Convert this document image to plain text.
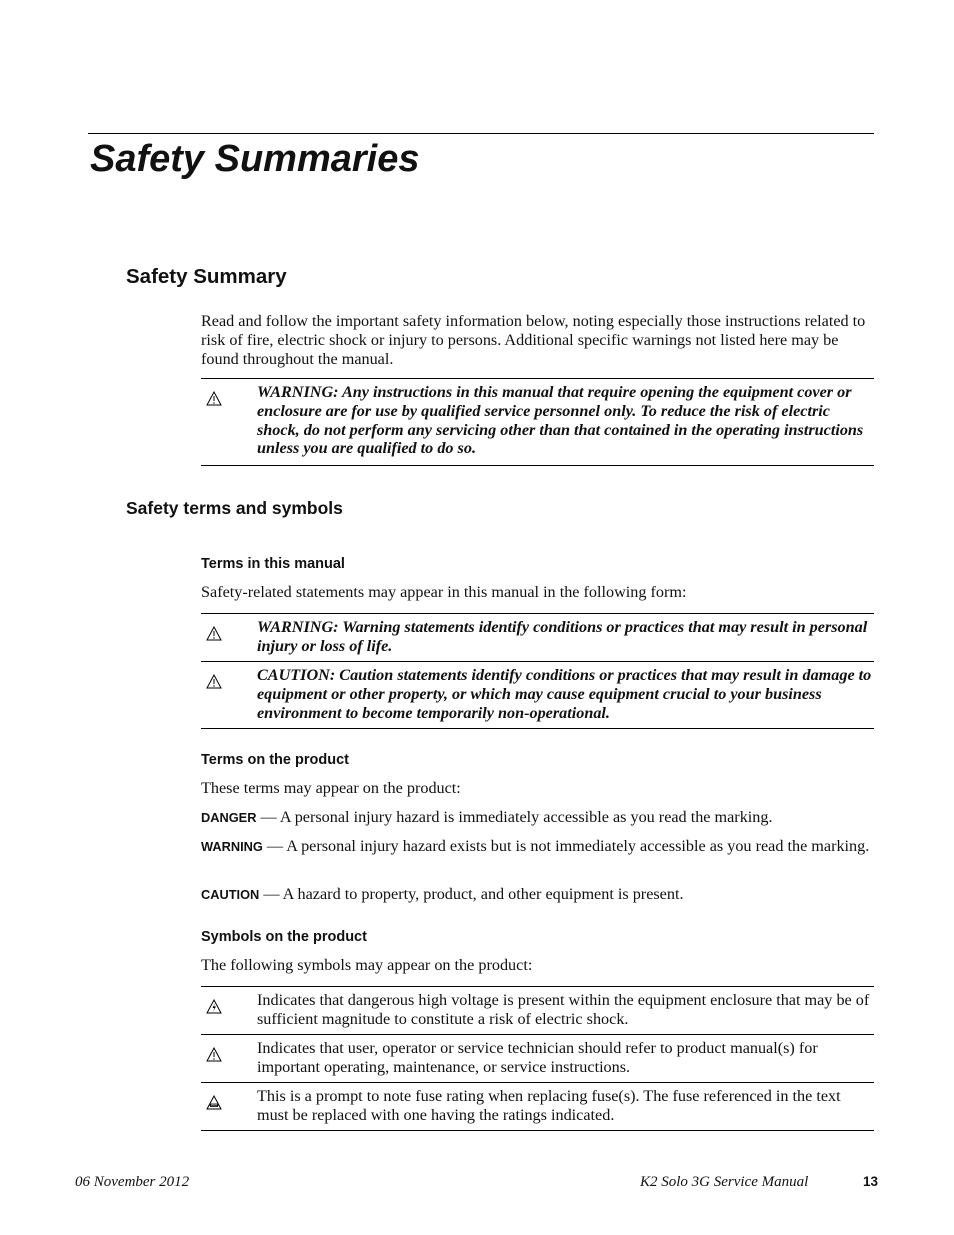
Safety Summaries
Safety Summary

Read and follow the important safety information below, noting especially those instructions related to risk of fire, electric shock or injury to persons. Additional specific warnings not listed here may be found throughout the manual.

WARNING: Any instructions in this manual that require opening the equipment cover or enclosure are for use by qualified service personnel only. To reduce the risk of electric shock, do not perform any servicing other than that contained in the operating instructions unless you are qualified to do so.
Safety terms and symbols
Terms in this manual

Safety-related statements may appear in this manual in the following form:

WARNING: Warning statements identify conditions or practices that may result in personal injury or loss of life.
CAUTION: Caution statements identify conditions or practices that may result in damage to equipment or other property, or which may cause equipment crucial to your business environment to become temporarily non-operational.
Terms on the product

These terms may appear on the product:

DANGER — A personal injury hazard is immediately accessible as you read the marking.

WARNING — A personal injury hazard exists but is not immediately accessible as you read the marking.

CAUTION — A hazard to property, product, and other equipment is present.

Symbols on the product

The following symbols may appear on the product:

Indicates that dangerous high voltage is present within the equipment enclosure that may be of sufficient magnitude to constitute a risk of electric shock.
Indicates that user, operator or service technician should refer to product manual(s) for important operating, maintenance, or service instructions.
This is a prompt to note fuse rating when replacing fuse(s). The fuse referenced in the text must be replaced with one having the ratings indicated.
06 November 2012	K2 Solo 3G Service Manual	13
